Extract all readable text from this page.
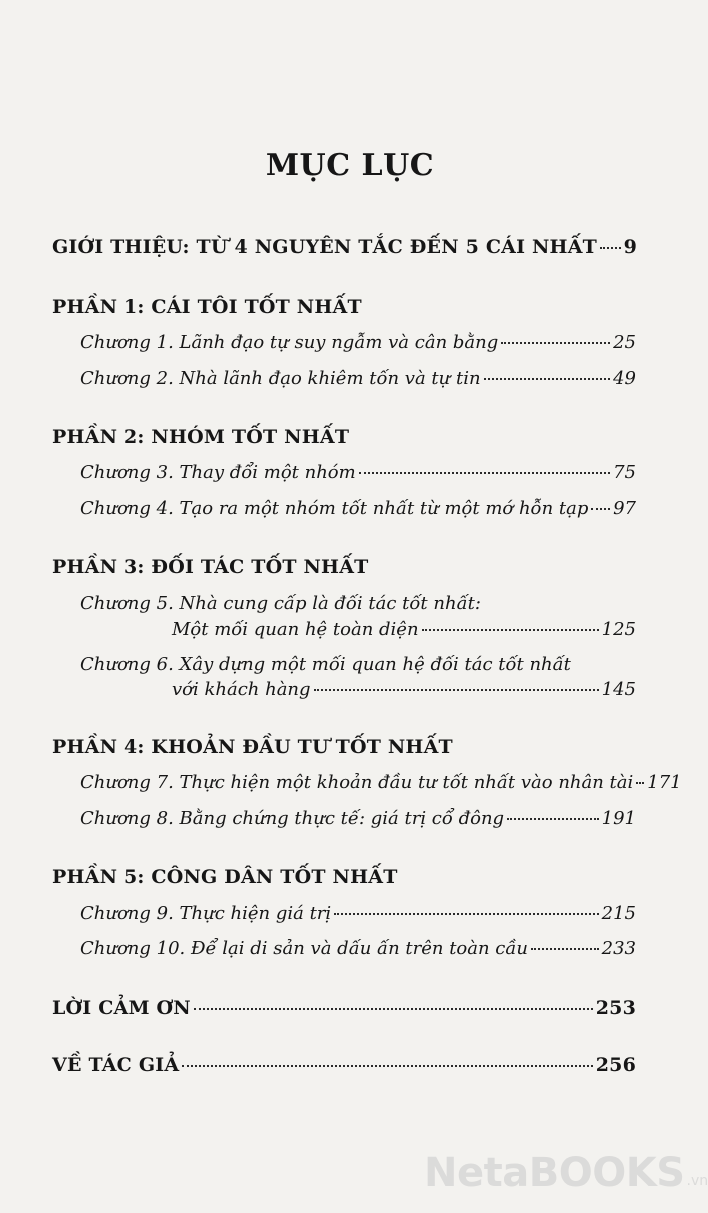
MỤC LỤC
GIỚI THIỆU: TỪ 4 NGUYÊN TẮC ĐẾN 5 CÁI NHẤT 9
PHẦN 1: CÁI TÔI TỐT NHẤT
Chương 1. Lãnh đạo tự suy ngẫm và cân bằng	25
Chương 2. Nhà lãnh đạo khiêm tốn và tự tin	49
PHẦN 2: NHÓM TỐT NHẤT
Chương 3. Thay đổi một nhóm	75
Chương 4. Tạo ra một nhóm tốt nhất từ một mớ hỗn tạp 97
PHẦN 3: ĐỐI TÁC TỐT NHẤT
Chương 5. Nhà cung cấp là đối tác tốt nhất:
Một mối quan hệ toàn diện	125
Chương 6. Xây dựng một mối quan hệ đối tác tốt nhất
với khách hàng	145
PHẦN 4: KHOẢN ĐẦU TƯ TỐT NHẤT
Chương 7. Thực hiện một khoản đầu tư tốt nhất vào nhân tài 171
Chương 8. Bằng chứng thực tế: giá trị cổ đông	191
PHẦN 5: CÔNG DÂN TỐT NHẤT
Chương 9. Thực hiện giá trị	215
Chương 10. Để lại di sản và dấu ấn trên toàn cầu	233
LỜI CẢM ƠN	253
VỀ TÁC GIẢ	256
NetaBOOKS .vn
